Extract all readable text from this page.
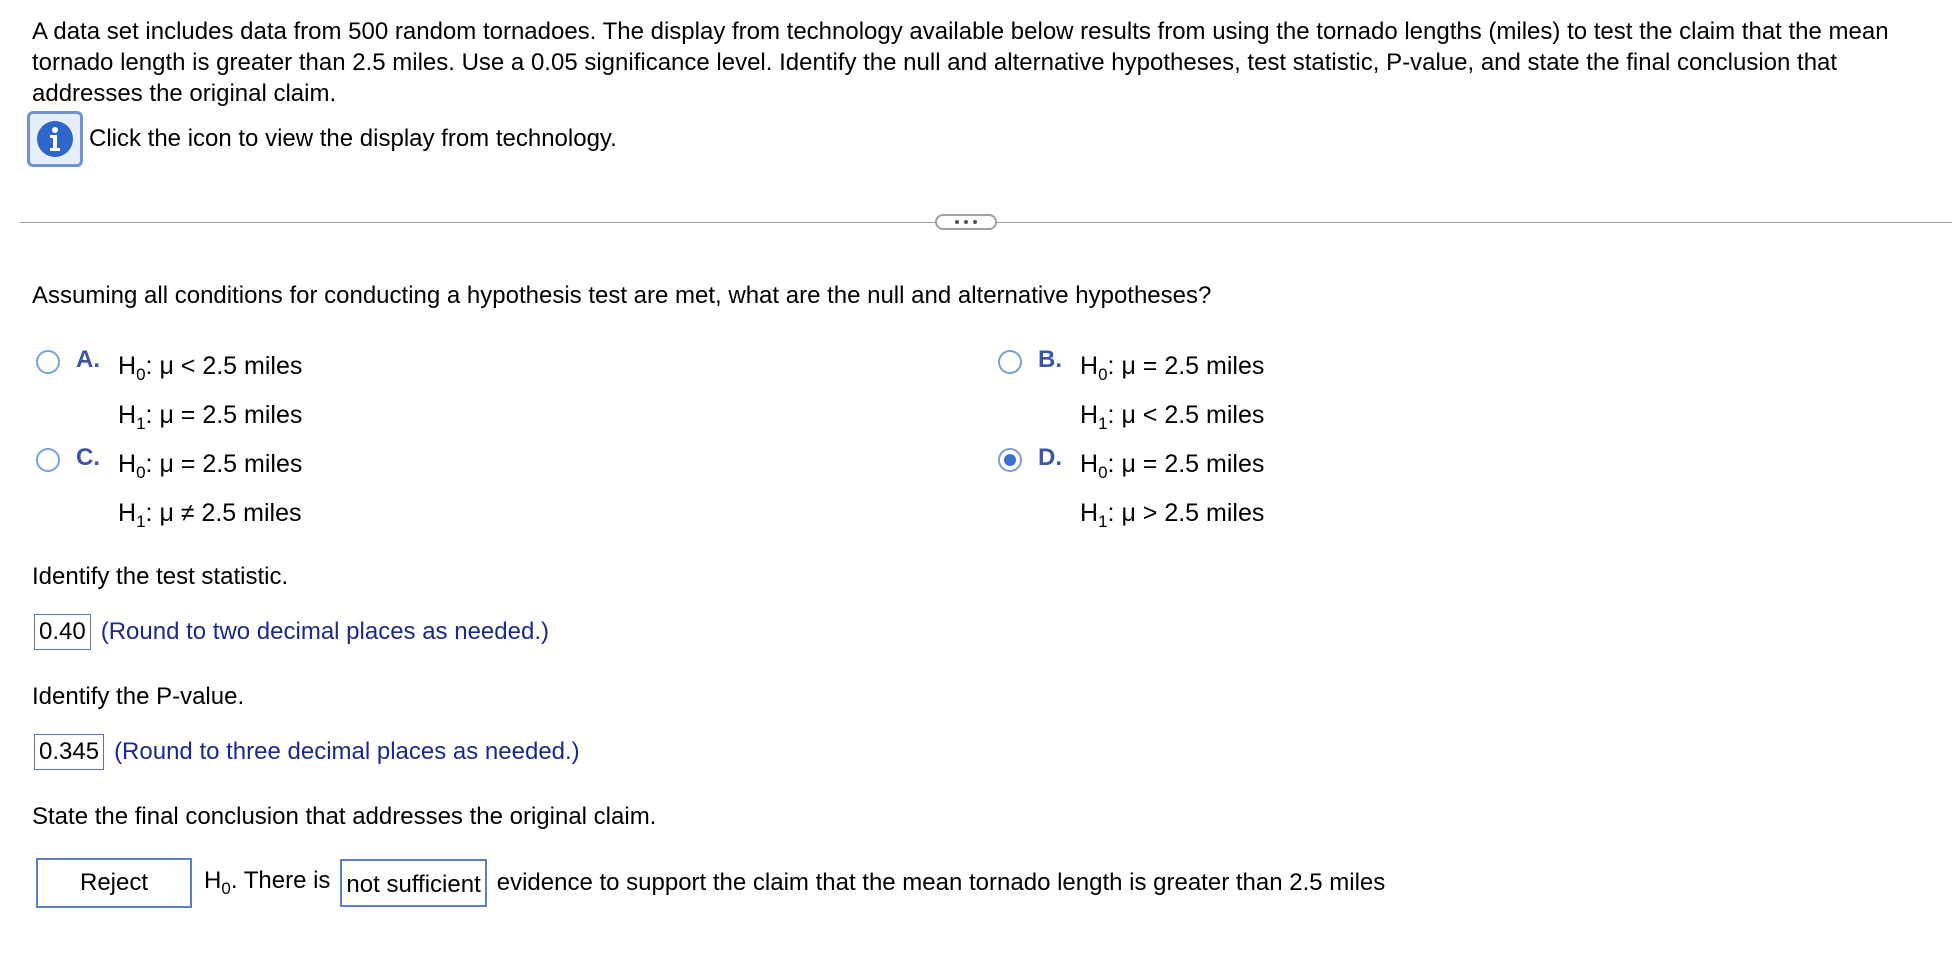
A data set includes data from 500 random tornadoes. The display from technology available below results from using the tornado lengths (miles) to test the claim that the mean tornado length is greater than 2.5 miles. Use a 0.05 significance level. Identify the null and alternative hypotheses, test statistic, P-value, and state the final conclusion that addresses the original claim.

Click the icon to view the display from technology.
Assuming all conditions for conducting a hypothesis test are met, what are the null and alternative hypotheses?
A. $H_0$: μ < 2.5 miles
$H_1$: μ = 2.5 miles
B. $H_0$: μ = 2.5 miles
$H_1$: μ < 2.5 miles
C. $H_0$: μ = 2.5 miles
$H_1$: μ ≠ 2.5 miles
D. $H_0$: μ = 2.5 miles
$H_1$: μ > 2.5 miles
Identify the test statistic.
0.40 (Round to two decimal places as needed.)
Identify the P-value.
0.345 (Round to three decimal places as needed.)
State the final conclusion that addresses the original claim.
Reject	$H_0$. There is not sufficient evidence to support the claim that the mean tornado length is greater than 2.5 miles
